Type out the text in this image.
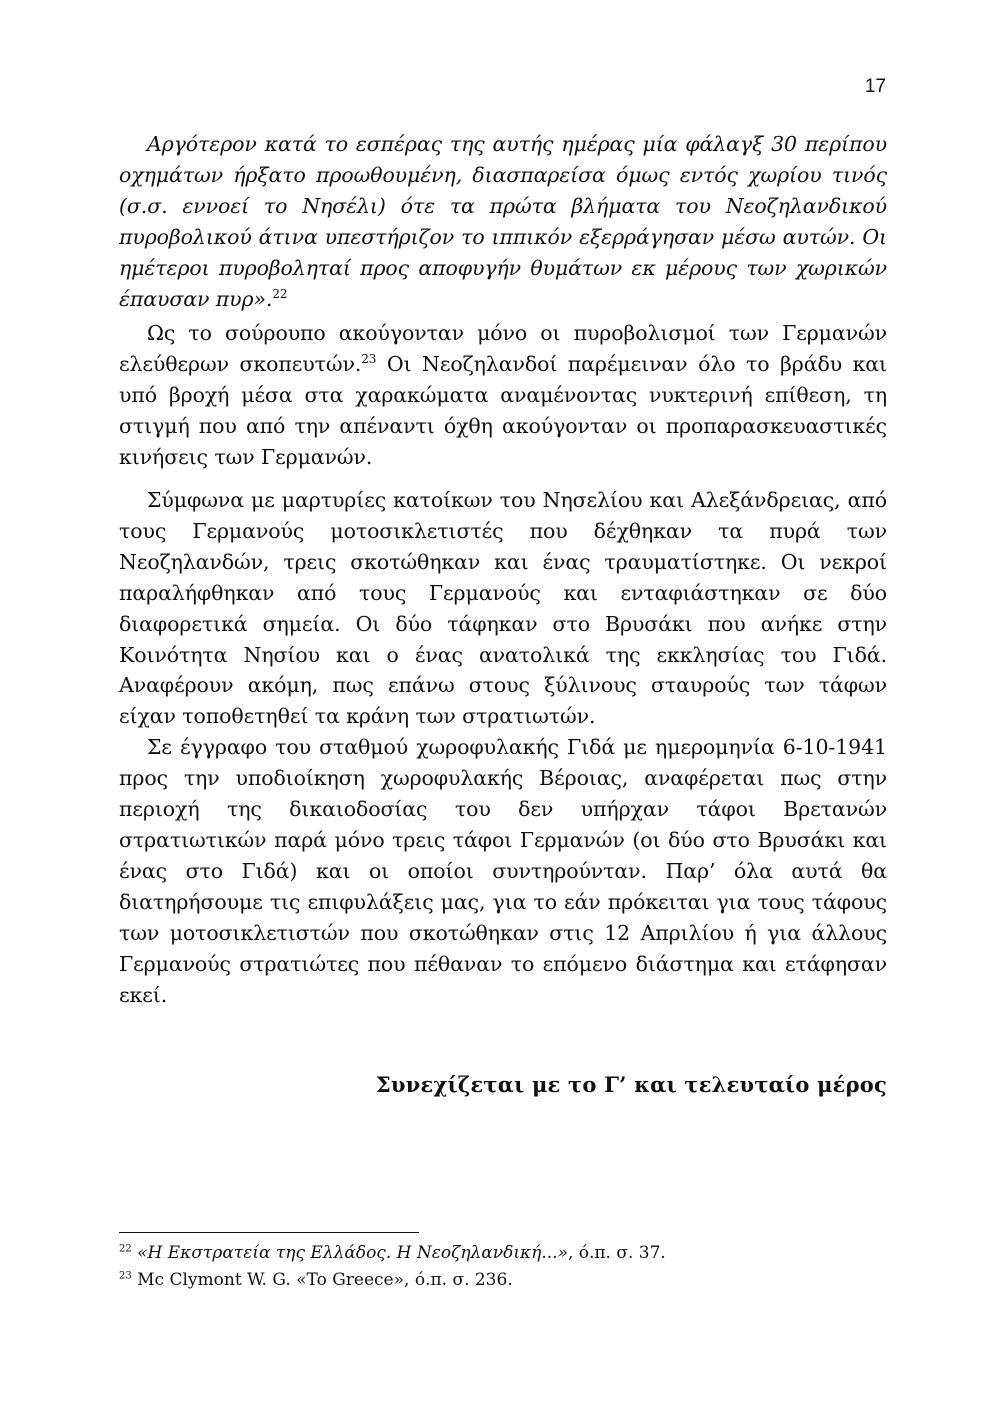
17

Αργότερον κατά το εσπέρας της αυτής ημέρας μία φάλαγξ 30 περίπου οχημάτων ήρξατο προωθουμένη, διασπαρείσα όμως εντός χωρίου τινός (σ.σ. εννοεί το Νησέλι) ότε τα πρώτα βλήματα του Νεοζηλανδικού πυροβολικού άτινα υπεστήριζον το ιππικόν εξερράγησαν μέσω αυτών. Οι ημέτεροι πυροβοληταί προς αποφυγήν θυμάτων εκ μέρους των χωρικών έπαυσαν πυρ».$^{22}$

Ως το σούρουπο ακούγονταν μόνο οι πυροβολισμοί των Γερμανών ελεύθερων σκοπευτών.$^{23}$ Οι Νεοζηλανδοί παρέμειναν όλο το βράδυ και υπό βροχή μέσα στα χαρακώματα αναμένοντας νυκτερινή επίθεση, τη στιγμή που από την απέναντι όχθη ακούγονταν οι προπαρασκευαστικές κινήσεις των Γερμανών.

Σύμφωνα με μαρτυρίες κατοίκων του Νησελίου και Αλεξάνδρειας, από τους Γερμανούς μοτοσικλετιστές που δέχθηκαν τα πυρά των Νεοζηλανδών, τρεις σκοτώθηκαν και ένας τραυματίστηκε. Οι νεκροί παραλήφθηκαν από τους Γερμανούς και ενταφιάστηκαν σε δύο διαφορετικά σημεία. Οι δύο τάφηκαν στο Βρυσάκι που ανήκε στην Κοινότητα Νησίου και ο ένας ανατολικά της εκκλησίας του Γιδά. Αναφέρουν ακόμη, πως επάνω στους ξύλινους σταυρούς των τάφων είχαν τοποθετηθεί τα κράνη των στρατιωτών.

Σε έγγραφο του σταθμού χωροφυλακής Γιδά με ημερομηνία 6-10-1941 προς την υποδιοίκηση χωροφυλακής Βέροιας, αναφέρεται πως στην περιοχή της δικαιοδοσίας του δεν υπήρχαν τάφοι Βρετανών στρατιωτικών παρά μόνο τρεις τάφοι Γερμανών (οι δύο στο Βρυσάκι και ένας στο Γιδά) και οι οποίοι συντηρούνταν. Παρ’ όλα αυτά θα διατηρήσουμε τις επιφυλάξεις μας, για το εάν πρόκειται για τους τάφους των μοτοσικλετιστών που σκοτώθηκαν στις 12 Απριλίου ή για άλλους Γερμανούς στρατιώτες που πέθαναν το επόμενο διάστημα και ετάφησαν εκεί.

Συνεχίζεται με το Γ’ και τελευταίο μέρος

$^{22}$ «Η Εκστρατεία της Ελλάδος. Η Νεοζηλανδική...», ό.π. σ. 37.

$^{23}$ Mc Clymont W. G. «To Greece», ό.π. σ. 236.
